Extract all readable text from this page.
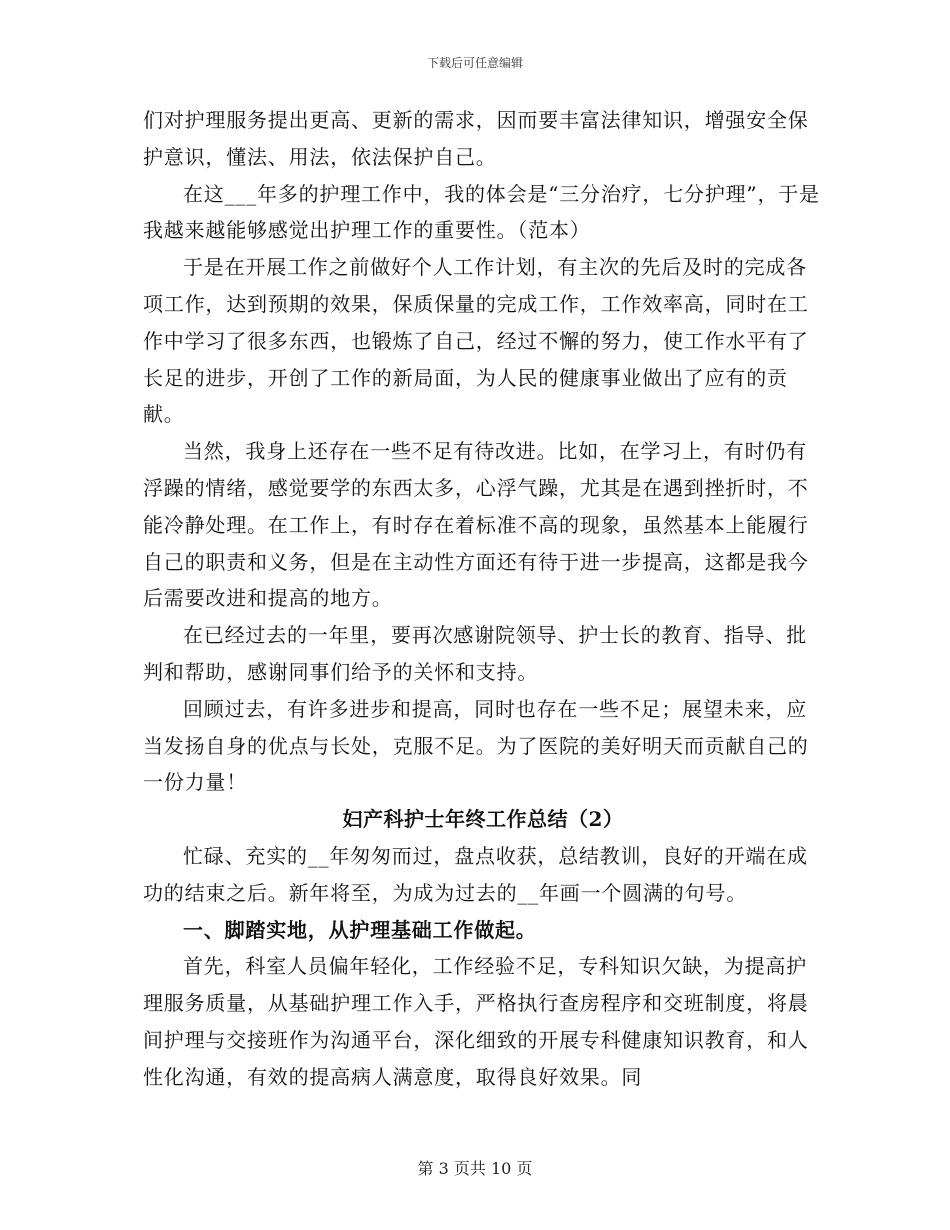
下载后可任意编辑

们对护理服务提出更高、更新的需求，因而要丰富法律知识，增强安全保护意识，懂法、用法，依法保护自己。

在这___年多的护理工作中，我的体会是“三分治疗，七分护理”，于是我越来越能够感觉出护理工作的重要性。（范本）

于是在开展工作之前做好个人工作计划，有主次的先后及时的完成各项工作，达到预期的效果，保质保量的完成工作，工作效率高，同时在工作中学习了很多东西，也锻炼了自己，经过不懈的努力，使工作水平有了长足的进步，开创了工作的新局面，为人民的健康事业做出了应有的贡献。

当然，我身上还存在一些不足有待改进。比如，在学习上，有时仍有浮躁的情绪，感觉要学的东西太多，心浮气躁，尤其是在遇到挫折时，不能冷静处理。在工作上，有时存在着标准不高的现象，虽然基本上能履行自己的职责和义务，但是在主动性方面还有待于进一步提高，这都是我今后需要改进和提高的地方。

在已经过去的一年里，要再次感谢院领导、护士长的教育、指导、批判和帮助，感谢同事们给予的关怀和支持。

回顾过去，有许多进步和提高，同时也存在一些不足；展望未来，应当发扬自身的优点与长处，克服不足。为了医院的美好明天而贡献自己的一份力量！

妇产科护士年终工作总结（2）

忙碌、充实的__年匆匆而过，盘点收获，总结教训，良好的开端在成功的结束之后。新年将至，为成为过去的__年画一个圆满的句号。

一、脚踏实地，从护理基础工作做起。

首先，科室人员偏年轻化，工作经验不足，专科知识欠缺，为提高护理服务质量，从基础护理工作入手，严格执行查房程序和交班制度，将晨间护理与交接班作为沟通平台，深化细致的开展专科健康知识教育，和人性化沟通，有效的提高病人满意度，取得良好效果。同

第 3 页共 10 页
